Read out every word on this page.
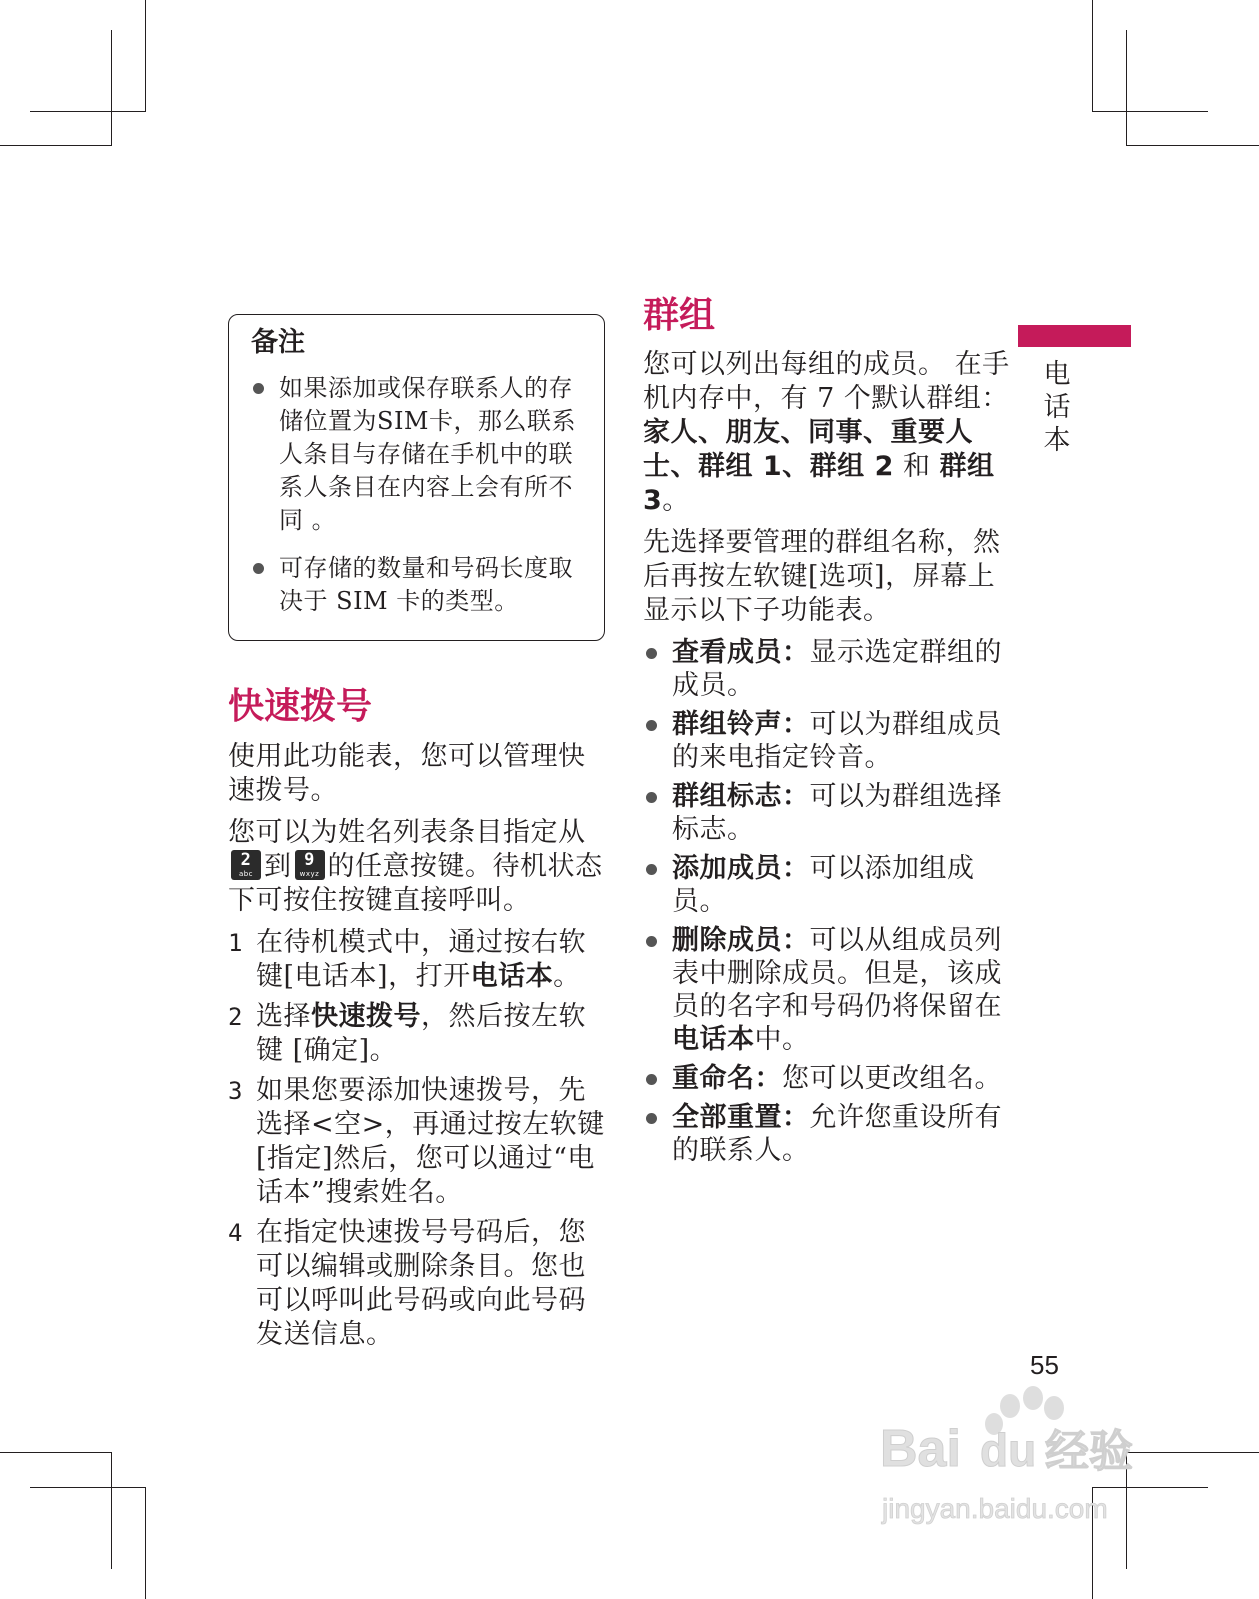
备注
如果添加或保存联系人的存储位置为SIM卡，那么联系人条目与存储在手机中的联系人条目在内容上会有所不同 。
可存储的数量和号码长度取决于 SIM 卡的类型。
快速拨号

使用此功能表，您可以管理快速拨号。

您可以为姓名列表条目指定从
2
abc 到 9
wxyz 的任意按键。待机状态下可按住按键直接呼叫。

1 在待机模式中，通过按右软键[电话本]，打开电话本。
2 选择快速拨号，然后按左软键 [确定]。
3 如果您要添加快速拨号，先选择<空>，再通过按左软键[指定]然后，您可以通过“电话本”搜索姓名。
4 在指定快速拨号号码后，您可以编辑或删除条目。您也可以呼叫此号码或向此号码发送信息。
群组

您可以列出每组的成员。 在手机内存中，有 7 个默认群组：家人、朋友、同事、重要人士、群组 1、群组 2 和 群组 3。

先选择要管理的群组名称，然后再按左软键[选项]，屏幕上显示以下子功能表。

查看成员：显示选定群组的成员。
群组铃声：可以为群组成员的来电指定铃音。
群组标志：可以为群组选择标志。
添加成员：可以添加组成员。
删除成员：可以从组成员列表中删除成员。但是，该成员的名字和号码仍将保留在电话本中。
重命名：您可以更改组名。
全部重置：允许您重设所有的联系人。
电话本
55
Bai du 经验
jingyan.baidu.com
